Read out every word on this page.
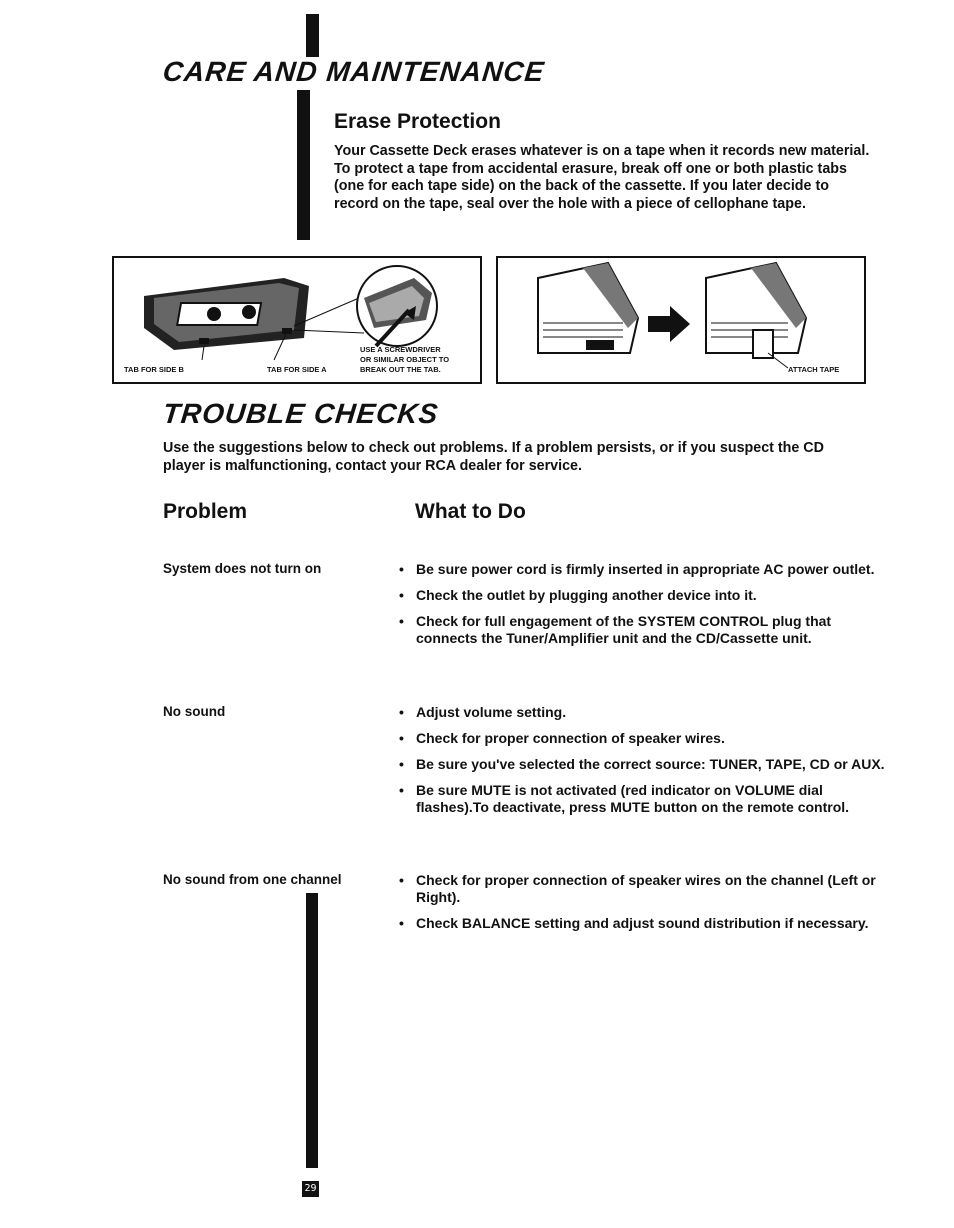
CARE AND MAINTENANCE
Erase Protection
Your Cassette Deck erases whatever is on a tape when it records new material. To protect a tape from accidental erasure, break off one or both plastic tabs (one for each tape side) on the back of the cassette. If you later decide to record on the tape, seal over the hole with a piece of cellophane tape.
TAB FOR SIDE B	TAB FOR SIDE A
USE A SCREWDRIVER
OR SIMILAR OBJECT TO
BREAK OUT THE TAB.	ATTACH TAPE
TROUBLE CHECKS
Use the suggestions below to check out problems. If a problem persists, or if you suspect the CD player is malfunctioning, contact your RCA dealer for service.
Problem	What to Do
System does not turn on	• Be sure power cord is firmly inserted in appropriate AC power outlet.
• Check the outlet by plugging another device into it.
• Check for full engagement of the SYSTEM CONTROL plug that connects the Tuner/Amplifier unit and the CD/Cassette unit.
No sound	• Adjust volume setting.
• Check for proper connection of speaker wires.
• Be sure you've selected the correct source: TUNER, TAPE, CD or AUX.
• Be sure MUTE is not activated (red indicator on VOLUME dial flashes).To deactivate, press MUTE button on the remote control.
No sound from one channel	• Check for proper connection of speaker wires on the channel (Left or Right).
• Check BALANCE setting and adjust sound distribution if necessary.
29
